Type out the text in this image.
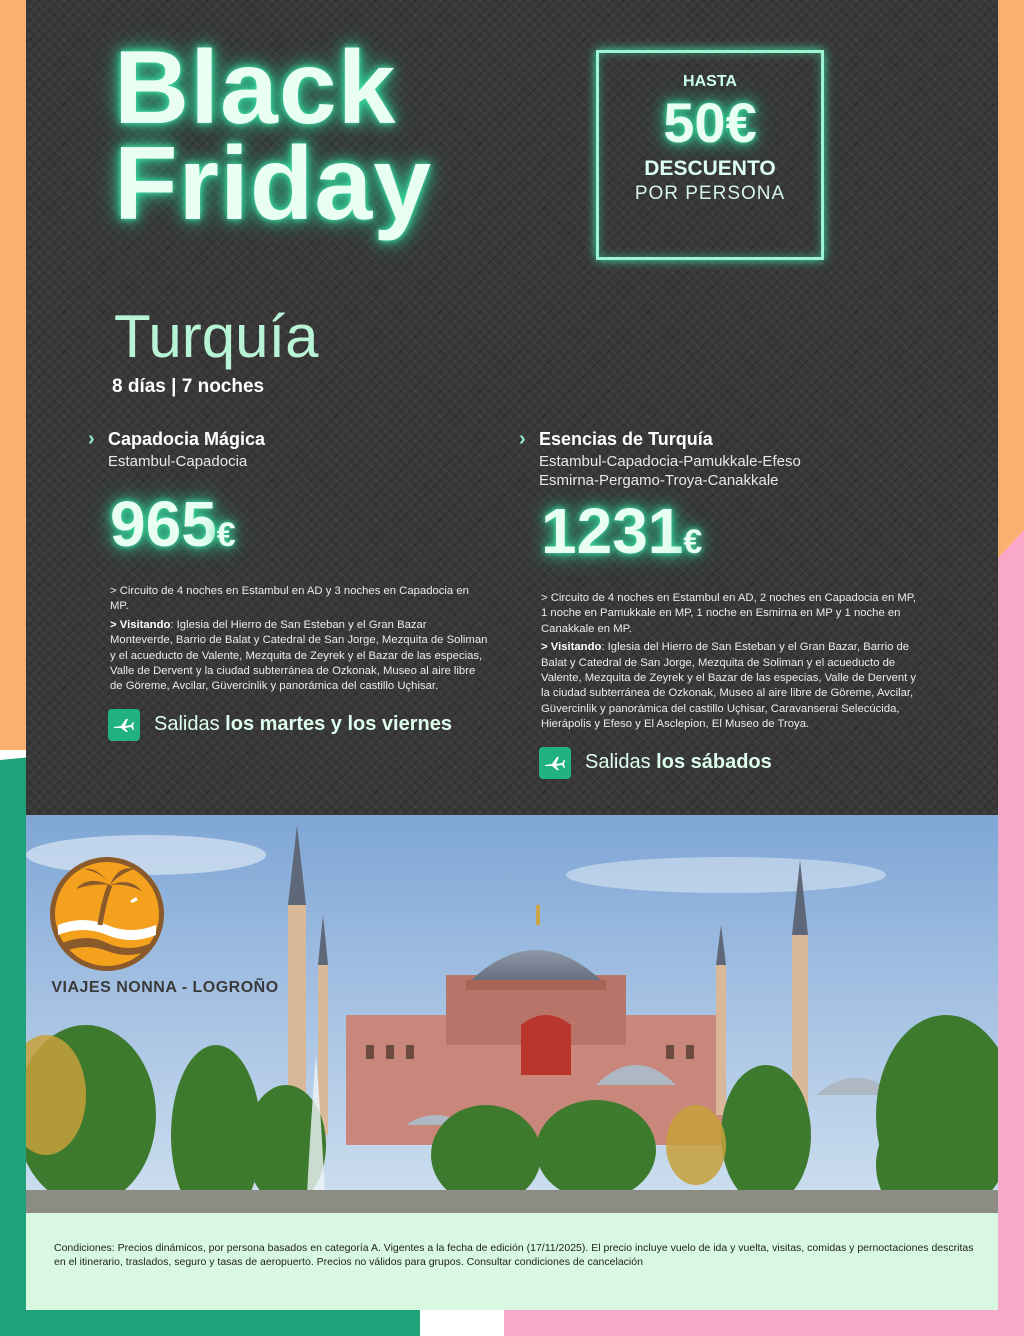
Black
Friday
HASTA
50€
DESCUENTO
POR PERSONA
Turquía
8 días | 7 noches
› Capadocia Mágica
Estambul-Capadocia
965€

> Circuito de 4 noches en Estambul en AD y 3 noches en Capadocia en MP.

> Visitando: Iglesia del Hierro de San Esteban y el Gran Bazar Monteverde, Barrio de Balat y Catedral de San Jorge, Mezquita de Soliman y el acueducto de Valente, Mezquita de Zeyrek y el Bazar de las especias, Valle de Dervent y la ciudad subterránea de Ozkonak, Museo al aire libre de Göreme, Avcilar, Güvercinlik y panorámica del castillo Uçhisar.

Salidas los martes y los viernes
› Esencias de Turquía
Estambul-Capadocia-Pamukkale-Efeso
Esmirna-Pergamo-Troya-Canakkale
1231€

> Circuito de 4 noches en Estambul en AD, 2 noches en Capadocia en MP, 1 noche en Pamukkale en MP, 1 noche en Esmirna en MP y 1 noche en Canakkale en MP.

> Visitando: Iglesia del Hierro de San Esteban y el Gran Bazar, Barrio de Balat y Catedral de San Jorge, Mezquita de Soliman y el acueducto de Valente, Mezquita de Zeyrek y el Bazar de las especias, Valle de Dervent y la ciudad subterránea de Ozkonak, Museo al aire libre de Göreme, Avcilar, Güvercinlik y panorámica del castillo Uçhisar, Caravanserai Selecúcida, Hierápolis y Efeso y El Asclepion, El Museo de Troya.

Salidas los sábados
VIAJES NONNA - LOGROÑO

Condiciones: Precios dinámicos, por persona basados en categoría A. Vigentes a la fecha de edición (17/11/2025). El precio incluye vuelo de ida y vuelta, visitas, comidas y pernoctaciones descritas en el itinerario, traslados, seguro y tasas de aeropuerto. Precios no válidos para grupos. Consultar condiciones de cancelación
